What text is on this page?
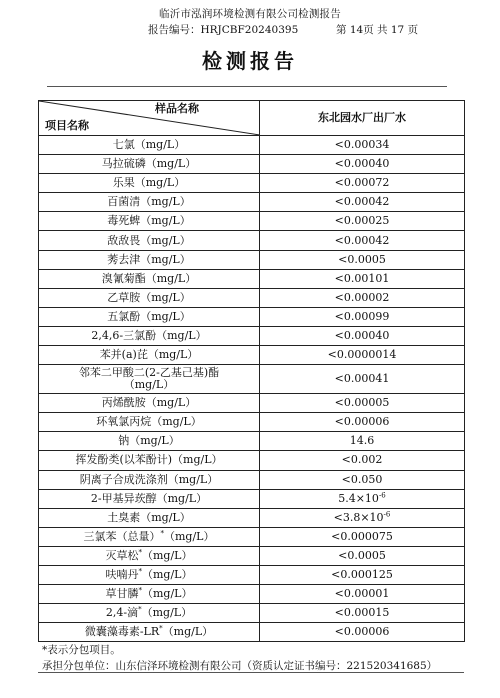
临沂市泓润环境检测有限公司检测报告
报告编号：HRJCBF20240395	第 14页 共 17 页
检测报告
样品名称
项目名称	东北园水厂出厂水
七氯（mg/L）	<0.00034
马拉硫磷（mg/L）	<0.00040
乐果（mg/L）	<0.00072
百菌清（mg/L）	<0.00042
毒死蜱（mg/L）	<0.00025
敌敌畏（mg/L）	<0.00042
莠去津（mg/L）	<0.0005
溴氰菊酯（mg/L）	<0.00101
乙草胺（mg/L）	<0.00002
五氯酚（mg/L）	<0.00099
2,4,6-三氯酚（mg/L）	<0.00040
苯并(a)芘（mg/L）	<0.0000014
邻苯二甲酸二(2-乙基己基)酯
（mg/L）	<0.00041
丙烯酰胺（mg/L）	<0.00005
环氧氯丙烷（mg/L）	<0.00006
钠（mg/L）	14.6
挥发酚类(以苯酚计)（mg/L）	<0.002
阴离子合成洗涤剂（mg/L）	<0.050
2-甲基异莰醇（mg/L）	$5.4\times 10^{-6}$
土臭素（mg/L）	$<3.8\times 10^{-6}$
三氯苯（总量）*（mg/L）	<0.000075
灭草松*（mg/L）	<0.0005
呋喃丹*（mg/L）	<0.000125
草甘膦*（mg/L）	<0.00001
2,4-滴*（mg/L）	<0.00015
微囊藻毒素-LR*（mg/L）	<0.00006
*表示分包项目。
承担分包单位：山东信泽环境检测有限公司（资质认定证书编号：221520341685）
